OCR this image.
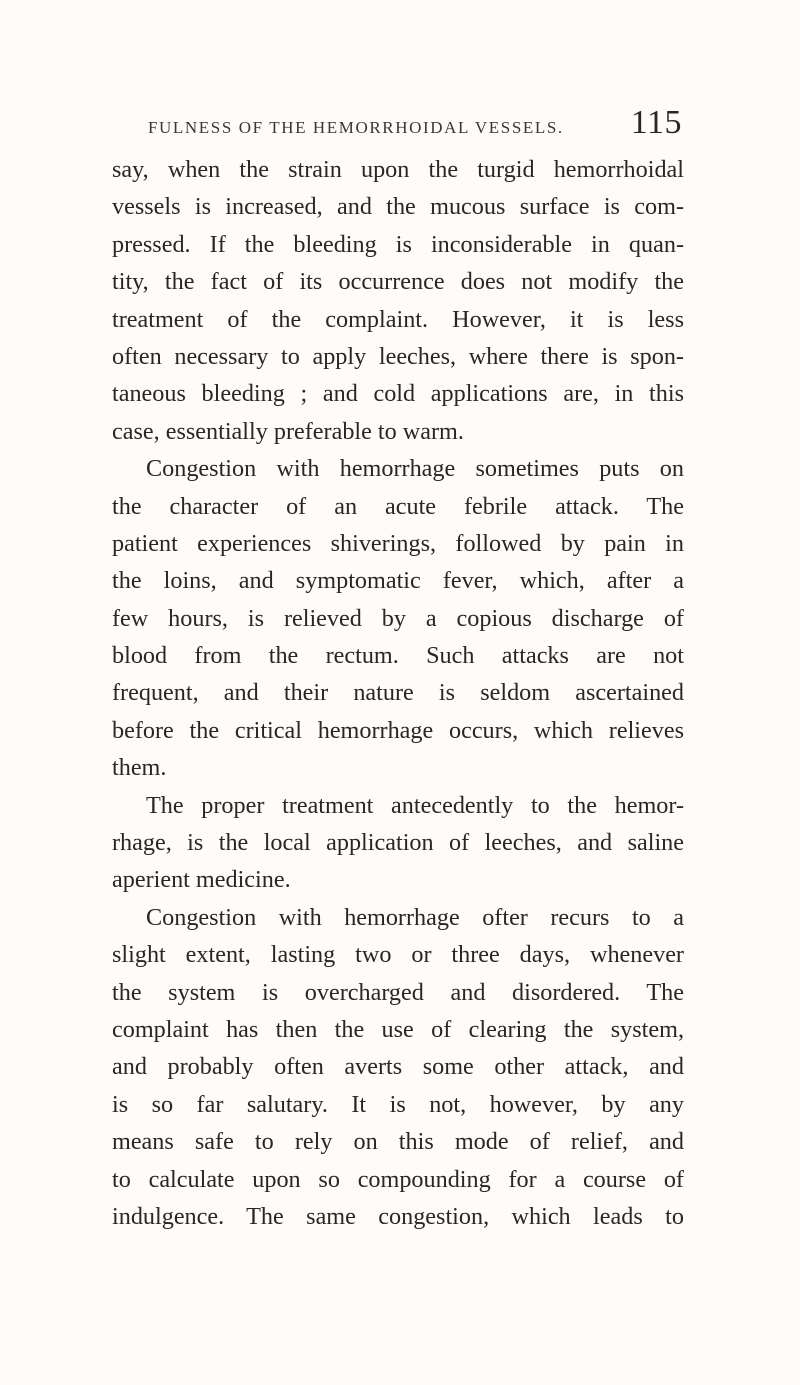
FULNESS OF THE HEMORRHOIDAL VESSELS. 115
say, when the strain upon the turgid hemorrhoidal
vessels is increased, and the mucous surface is com-
pressed. If the bleeding is inconsiderable in quan-
tity, the fact of its occurrence does not modify the
treatment of the complaint. However, it is less
often necessary to apply leeches, where there is spon-
taneous bleeding ; and cold applications are, in this
case, essentially preferable to warm.
Congestion with hemorrhage sometimes puts on
the character of an acute febrile attack. The
patient experiences shiverings, followed by pain in
the loins, and symptomatic fever, which, after a
few hours, is relieved by a copious discharge of
blood from the rectum. Such attacks are not
frequent, and their nature is seldom ascertained
before the critical hemorrhage occurs, which relieves
them.
The proper treatment antecedently to the hemor-
rhage, is the local application of leeches, and saline
aperient medicine.
Congestion with hemorrhage ofter recurs to a
slight extent, lasting two or three days, whenever
the system is overcharged and disordered. The
complaint has then the use of clearing the system,
and probably often averts some other attack, and
is so far salutary. It is not, however, by any
means safe to rely on this mode of relief, and
to calculate upon so compounding for a course of
indulgence. The same congestion, which leads to
